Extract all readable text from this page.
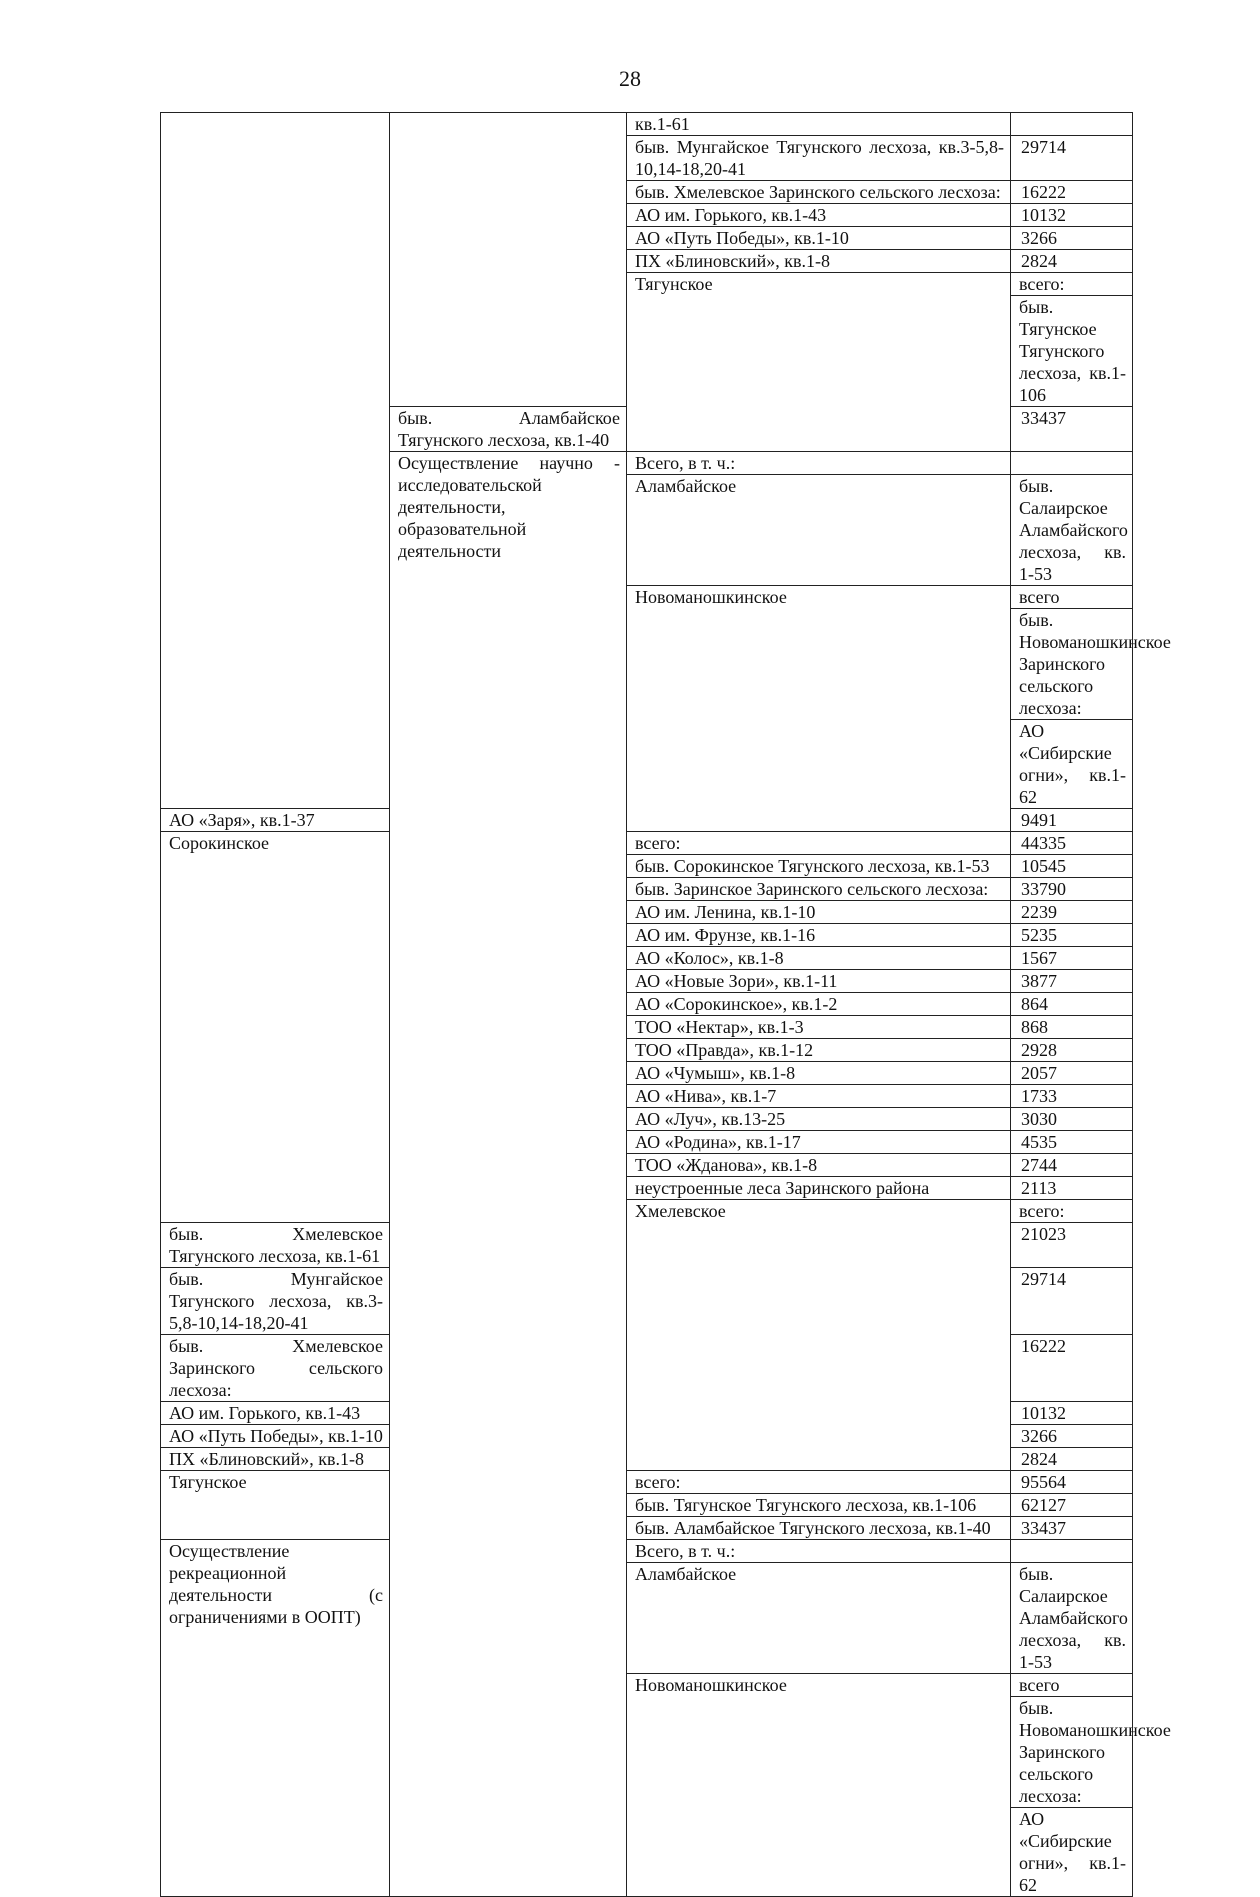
28
		кв.1-61		
		быв. Мунгайское Тягунского лесхоза, кв.3-5,8-10,14-18,20-41	29714	
		быв. Хмелевское Заринского сельского лесхоза:	16222	
		АО им. Горького, кв.1-43	10132	
		АО «Путь Победы», кв.1-10	3266	
		ПХ «Блиновский», кв.1-8	2824	
		Тягунское	всего:	
			быв. Тягунское Тягунского лесхоза, кв.1-106	
	быв. Аламбайское Тягунского лесхоза, кв.1-40		33437	
	Осуществление научно - исследовательской деятельности, образовательной деятельности	Всего, в т. ч.:		
		Аламбайское	быв. Салаирское Аламбайского лесхоза, кв. 1-53	
		Новоманошкинское	всего	
			быв. Новоманошкинское Заринского сельского лесхоза:	
			АО «Сибирские огни», кв.1-62	
АО «Заря», кв.1-37			9491	
Сорокинское		всего:	44335	
		быв. Сорокинское Тягунского лесхоза, кв.1-53	10545	
		быв. Заринское Заринского сельского лесхоза:	33790	
		АО им. Ленина, кв.1-10	2239	
		АО им. Фрунзе, кв.1-16	5235	
		АО «Колос», кв.1-8	1567	
		АО «Новые Зори», кв.1-11	3877	
		АО «Сорокинское», кв.1-2	864	
		ТОО «Нектар», кв.1-3	868	
		ТОО «Правда», кв.1-12	2928	
		АО «Чумыш», кв.1-8	2057	
		АО «Нива», кв.1-7	1733	
		АО «Луч», кв.13-25	3030	
		АО «Родина», кв.1-17	4535	
		ТОО «Жданова», кв.1-8	2744	
		неустроенные леса Заринского района	2113	
		Хмелевское	всего:	
быв. Хмелевское Тягунского лесхоза, кв.1-61			21023	
быв. Мунгайское Тягунского лесхоза, кв.3-5,8-10,14-18,20-41			29714	
быв. Хмелевское Заринского сельского лесхоза:			16222	
АО им. Горького, кв.1-43			10132	
АО «Путь Победы», кв.1-10			3266	
ПХ «Блиновский», кв.1-8			2824	
Тягунское		всего:	95564	
		быв. Тягунское Тягунского лесхоза, кв.1-106	62127	
		быв. Аламбайское Тягунского лесхоза, кв.1-40	33437	
Осуществление рекреационной деятельности (с ограничениями в ООПТ)		Всего, в т. ч.:		
		Аламбайское	быв. Салаирское Аламбайского лесхоза, кв. 1-53	
		Новоманошкинское	всего	
			быв. Новоманошкинское Заринского сельского лесхоза:	
			АО «Сибирские огни», кв.1-62	
